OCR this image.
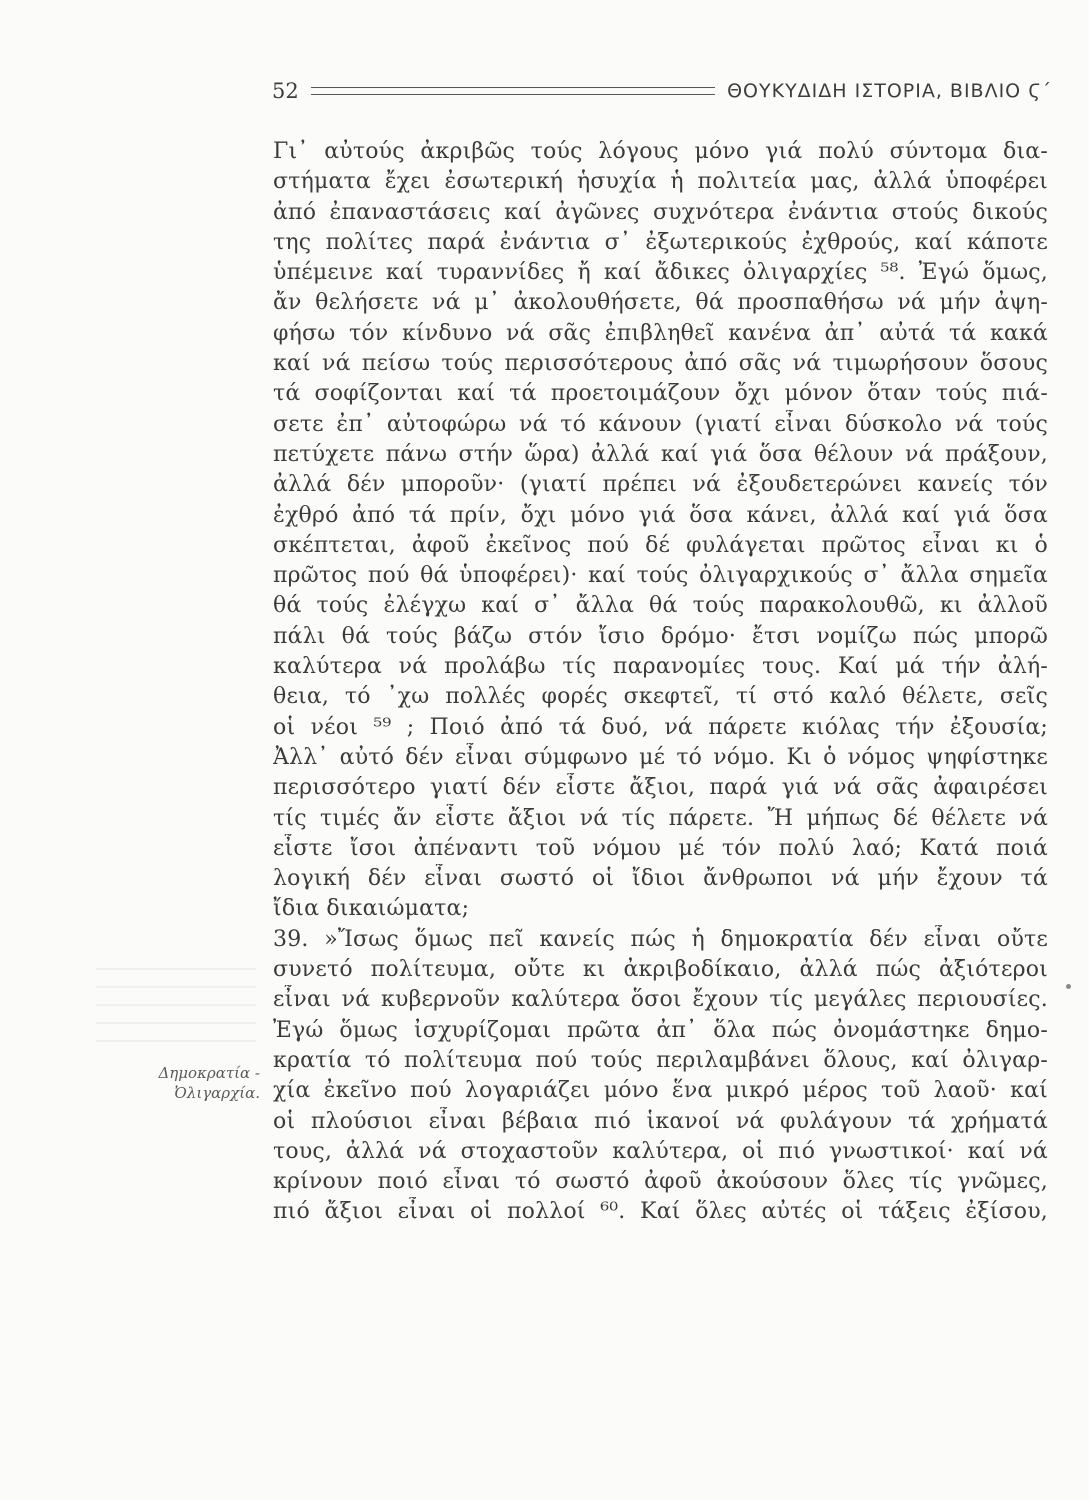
52	ΘΟΥΚΥΔΙΔΗ ΙΣΤΟΡΙΑ, ΒΙΒΛΙΟ Ϛ΄
Δημοκρατία -
Ὀλιγαρχία.
Γι᾽ αὐτούς ἀκριβῶς τούς λόγους μόνο γιά πολύ σύντομα δια-
στήματα ἔχει ἐσωτερική ἡσυχία ἡ πολιτεία μας, ἀλλά ὑποφέρει
ἀπό ἐπαναστάσεις καί ἀγῶνες συχνότερα ἐνάντια στούς δικούς
της πολίτες παρά ἐνάντια σ᾽ ἐξωτερικούς ἐχθρούς, καί κάποτε
ὑπέμεινε καί τυραννίδες ἤ καί ἄδικες ὀλιγαρχίες ⁵⁸. Ἐγώ ὅμως,
ἄν θελήσετε νά μ᾽ ἀκολουθήσετε, θά προσπαθήσω νά μήν ἀψη-
φήσω τόν κίνδυνο νά σᾶς ἐπιβληθεῖ κανένα ἀπ᾽ αὐτά τά κακά
καί νά πείσω τούς περισσότερους ἀπό σᾶς νά τιμωρήσουν ὅσους
τά σοφίζονται καί τά προετοιμάζουν ὄχι μόνον ὅταν τούς πιά-
σετε ἐπ᾽ αὐτοφώρω νά τό κάνουν (γιατί εἶναι δύσκολο νά τούς
πετύχετε πάνω στήν ὥρα) ἀλλά καί γιά ὅσα θέλουν νά πράξουν,
ἀλλά δέν μποροῦν· (γιατί πρέπει νά ἐξουδετερώνει κανείς τόν
ἐχθρό ἀπό τά πρίν, ὄχι μόνο γιά ὅσα κάνει, ἀλλά καί γιά ὅσα
σκέπτεται, ἀφοῦ ἐκεῖνος πού δέ φυλάγεται πρῶτος εἶναι κι ὁ
πρῶτος πού θά ὑποφέρει)· καί τούς ὀλιγαρχικούς σ᾽ ἄλλα σημεῖα
θά τούς ἐλέγχω καί σ᾽ ἄλλα θά τούς παρακολουθῶ, κι ἀλλοῦ
πάλι θά τούς βάζω στόν ἴσιο δρόμο· ἔτσι νομίζω πώς μπορῶ
καλύτερα νά προλάβω τίς παρανομίες τους. Καί μά τήν ἀλή-
θεια, τό ᾽χω πολλές φορές σκεφτεῖ, τί στό καλό θέλετε, σεῖς
οἱ νέοι ⁵⁹ ; Ποιό ἀπό τά δυό, νά πάρετε κιόλας τήν ἐξουσία;
Ἀλλ᾽ αὐτό δέν εἶναι σύμφωνο μέ τό νόμο. Κι ὁ νόμος ψηφίστηκε
περισσότερο γιατί δέν εἶστε ἄξιοι, παρά γιά νά σᾶς ἀφαιρέσει
τίς τιμές ἄν εἶστε ἄξιοι νά τίς πάρετε. Ἤ μήπως δέ θέλετε νά
εἶστε ἴσοι ἀπέναντι τοῦ νόμου μέ τόν πολύ λαό; Κατά ποιά
λογική δέν εἶναι σωστό οἱ ἴδιοι ἄνθρωποι νά μήν ἔχουν τά
ἴδια δικαιώματα;
39. »Ἴσως ὅμως πεῖ κανείς πώς ἡ δημοκρατία δέν εἶναι οὔτε
συνετό πολίτευμα, οὔτε κι ἀκριβοδίκαιο, ἀλλά πώς ἀξιότεροι
εἶναι νά κυβερνοῦν καλύτερα ὅσοι ἔχουν τίς μεγάλες περιουσίες.
Ἐγώ ὅμως ἰσχυρίζομαι πρῶτα ἀπ᾽ ὅλα πώς ὀνομάστηκε δημο-
κρατία τό πολίτευμα πού τούς περιλαμβάνει ὅλους, καί ὀλιγαρ-
χία ἐκεῖνο πού λογαριάζει μόνο ἕνα μικρό μέρος τοῦ λαοῦ· καί
οἱ πλούσιοι εἶναι βέβαια πιό ἱκανοί νά φυλάγουν τά χρήματά
τους, ἀλλά νά στοχαστοῦν καλύτερα, οἱ πιό γνωστικοί· καί νά
κρίνουν ποιό εἶναι τό σωστό ἀφοῦ ἀκούσουν ὅλες τίς γνῶμες,
πιό ἄξιοι εἶναι οἱ πολλοί ⁶⁰. Καί ὅλες αὐτές οἱ τάξεις ἐξίσου,
